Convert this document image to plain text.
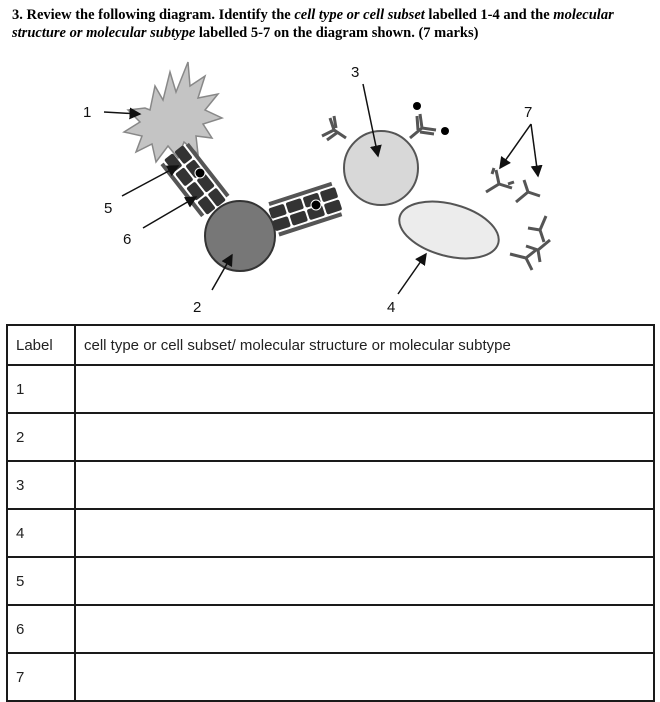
3. Review the following diagram. Identify the cell type or cell subset labelled 1-4 and the molecular structure or molecular subtype labelled 5-7 on the diagram shown. (7 marks)
1
5
6
2
3
4
7
Label	cell type or cell subset/ molecular structure or molecular subtype
1	
2	
3	
4	
5	
6	
7	
